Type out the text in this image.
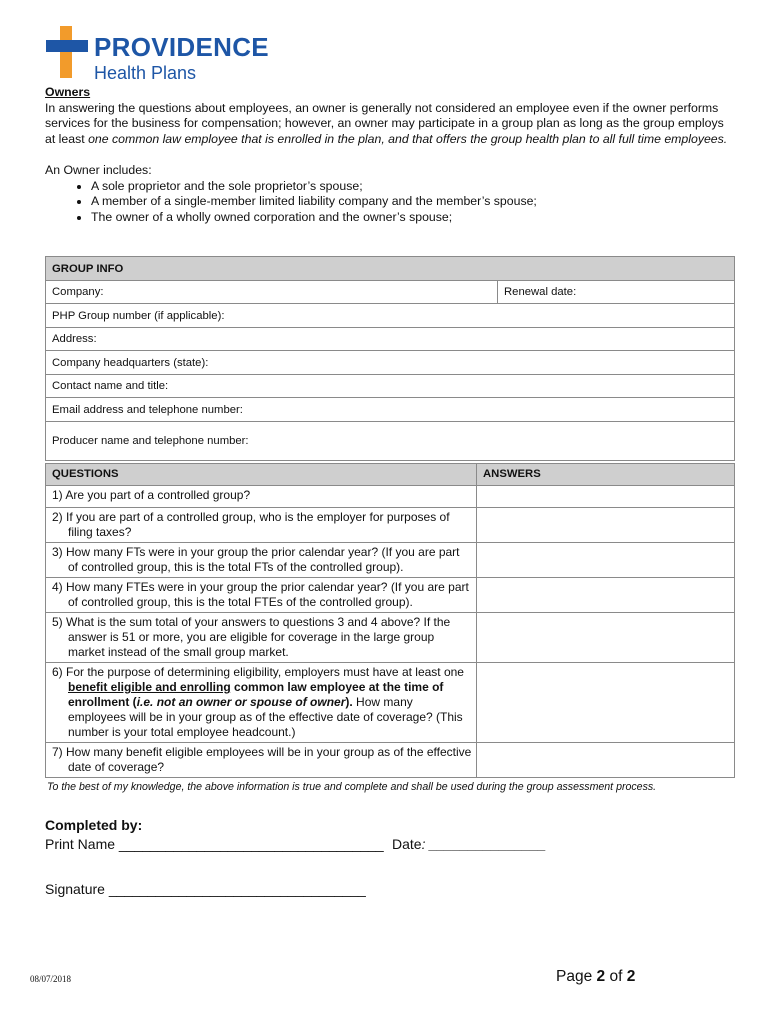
PROVIDENCE
Health Plans

Owners

In answering the questions about employees, an owner is generally not considered an employee even if the owner performs services for the business for compensation; however, an owner may participate in a group plan as long as the group employs at least one common law employee that is enrolled in the plan, and that offers the group health plan to all full time employees.

An Owner includes:

• A sole proprietor and the sole proprietor’s spouse;
• A member of a single-member limited liability company and the member’s spouse;
• The owner of a wholly owned corporation and the owner’s spouse;
GROUP INFO
Company:	Renewal date:
PHP Group number (if applicable):
Address:
Company headquarters (state):
Contact name and title:
Email address and telephone number:
Producer name and telephone number:
QUESTIONS	ANSWERS

1) Are you part of a controlled group?	

2) If you are part of a controlled group, who is the employer for purposes of filing taxes?	

3) How many FTs were in your group the prior calendar year? (If you are part of controlled group, this is the total FTs of the controlled group).	

4) How many FTEs were in your group the prior calendar year? (If you are part of controlled group, this is the total FTEs of the controlled group).	

5) What is the sum total of your answers to questions 3 and 4 above? If the answer is 51 or more, you are eligible for coverage in the large group market instead of the small group market.	

6) For the purpose of determining eligibility, employers must have at least one benefit eligible and enrolling common law employee at the time of enrollment (i.e. not an owner or spouse of owner). How many employees will be in your group as of the effective date of coverage? (This number is your total employee headcount.)	

7) How many benefit eligible employees will be in your group as of the effective date of coverage?	

To the best of my knowledge, the above information is true and complete and shall be used during the group assessment process.
Completed by:
Print Name __________________________________ Date: _______________
Signature _________________________________
08/07/2018	Page 2 of 2
